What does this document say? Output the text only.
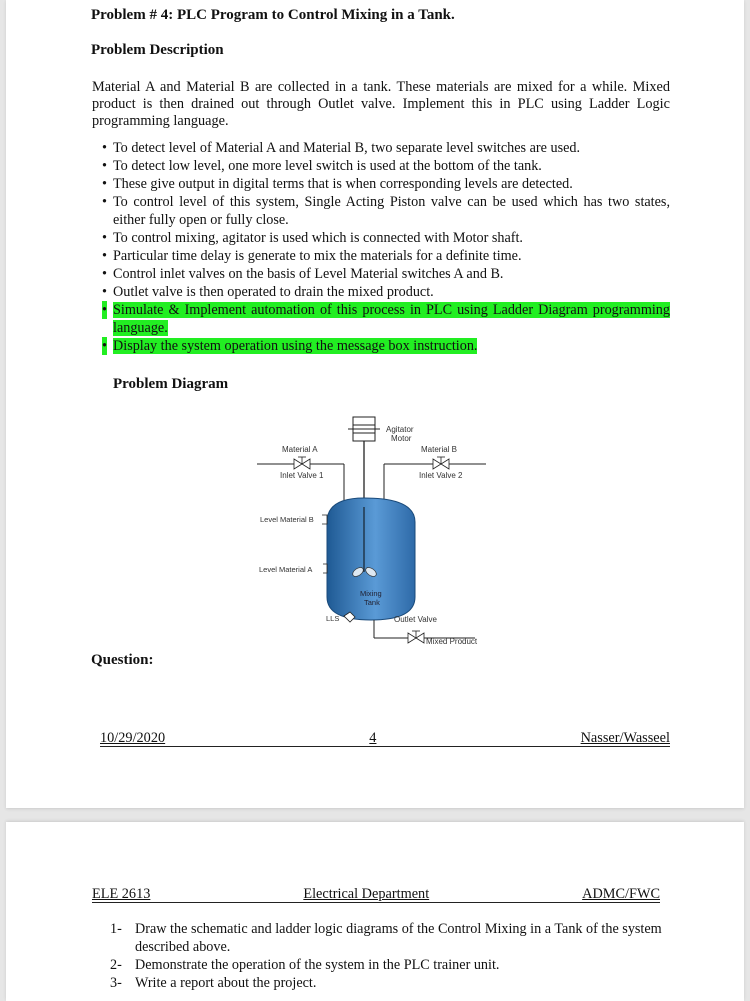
Problem # 4: PLC Program to Control Mixing in a Tank.
Problem Description
Material A and Material B are collected in a tank. These materials are mixed for a while. Mixed product is then drained out through Outlet valve. Implement this in PLC using Ladder Logic programming language.
• To detect level of Material A and Material B, two separate level switches are used.
• To detect low level, one more level switch is used at the bottom of the tank.
• These give output in digital terms that is when corresponding levels are detected.
• To control level of this system, Single Acting Piston valve can be used which has two states, either fully open or fully close.
• To control mixing, agitator is used which is connected with Motor shaft.
• Particular time delay is generate to mix the materials for a definite time.
• Control inlet valves on the basis of Level Material switches A and B.
• Outlet valve is then operated to drain the mixed product.
• Simulate & Implement automation of this process in PLC using Ladder Diagram programming language.
• Display the system operation using the message box instruction.
Problem Diagram
Agitator
Motor
Material A
Inlet Valve 1
Material B
Inlet Valve 2
Mixing
Tank
Level Material B
Level Material A
LLS	Outlet Valve
Mixed Product
Question:
10/29/2020	4	Nasser/Wasseel
ELE 2613	Electrical Department	ADMC/FWC
1- Draw the schematic and ladder logic diagrams of the Control Mixing in a Tank of the system described above.
2- Demonstrate the operation of the system in the PLC trainer unit.
3- Write a report about the project.
